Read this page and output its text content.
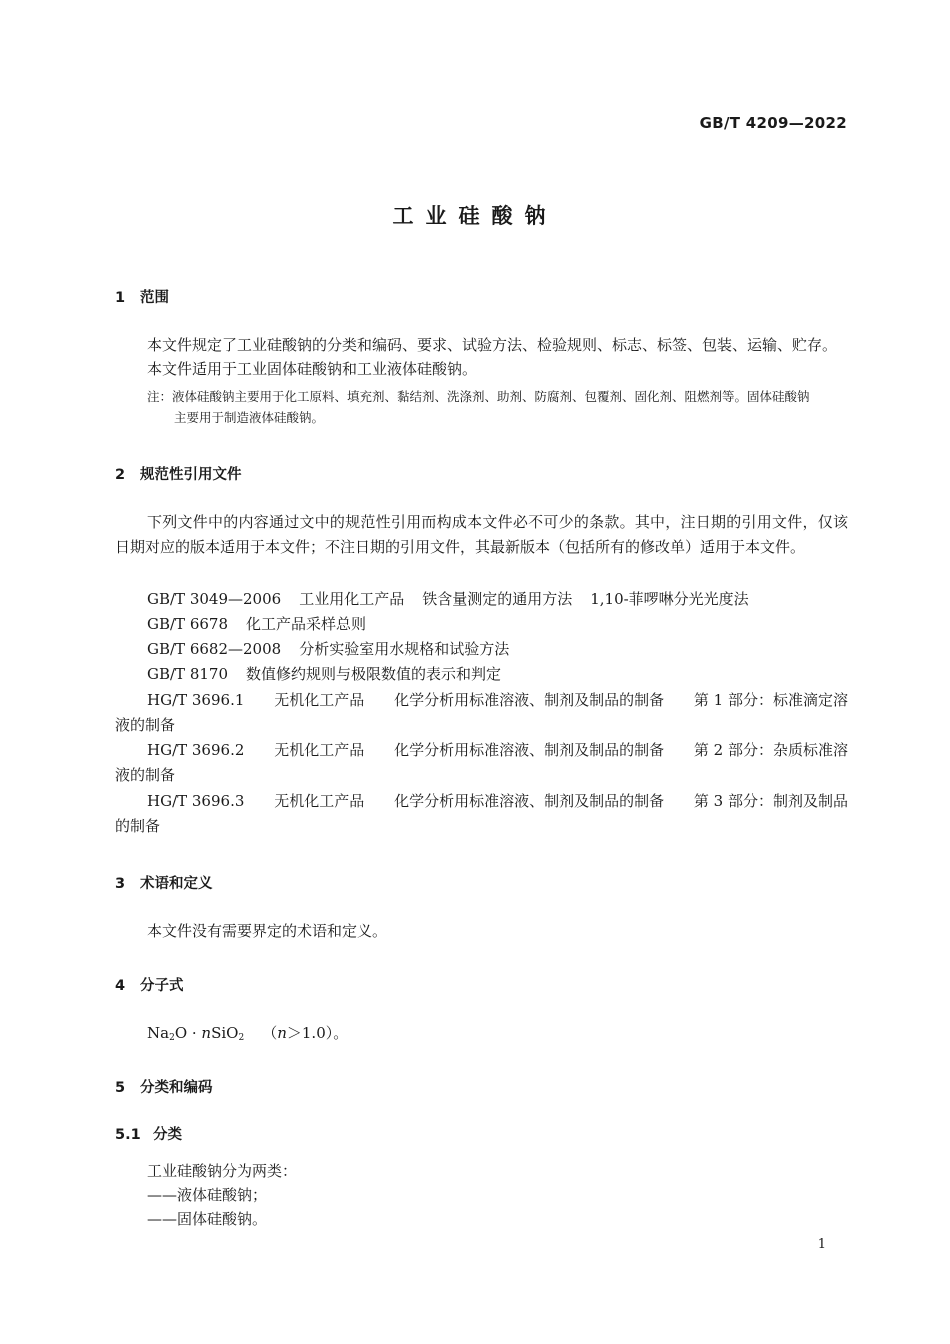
GB/T 4209—2022
工业硅酸钠
1 范围
本文件规定了工业硅酸钠的分类和编码、要求、试验方法、检验规则、标志、标签、包装、运输、贮存。
本文件适用于工业固体硅酸钠和工业液体硅酸钠。
注：液体硅酸钠主要用于化工原料、填充剂、黏结剂、洗涤剂、助剂、防腐剂、包覆剂、固化剂、阻燃剂等。固体硅酸钠
主要用于制造液体硅酸钠。
2 规范性引用文件
下列文件中的内容通过文中的规范性引用而构成本文件必不可少的条款。其中，注日期的引用文件，仅该日期对应的版本适用于本文件；不注日期的引用文件，其最新版本（包括所有的修改单）适用于本文件。
GB/T 3049—2006 工业用化工产品 铁含量测定的通用方法 1,10-菲啰啉分光光度法
GB/T 6678 化工产品采样总则
GB/T 6682—2008 分析实验室用水规格和试验方法
GB/T 8170 数值修约规则与极限数值的表示和判定
HG/T 3696.1 无机化工产品 化学分析用标准溶液、制剂及制品的制备 第 1 部分：标准滴定溶
液的制备
HG/T 3696.2 无机化工产品 化学分析用标准溶液、制剂及制品的制备 第 2 部分：杂质标准溶
液的制备
HG/T 3696.3 无机化工产品 化学分析用标准溶液、制剂及制品的制备 第 3 部分：制剂及制品
的制备
3 术语和定义
本文件没有需要界定的术语和定义。
4 分子式
$Na_2O$ · nSiO$_2$ （n＞1.0）。
5 分类和编码
5.1 分类
工业硅酸钠分为两类：
——液体硅酸钠；
——固体硅酸钠。
1
